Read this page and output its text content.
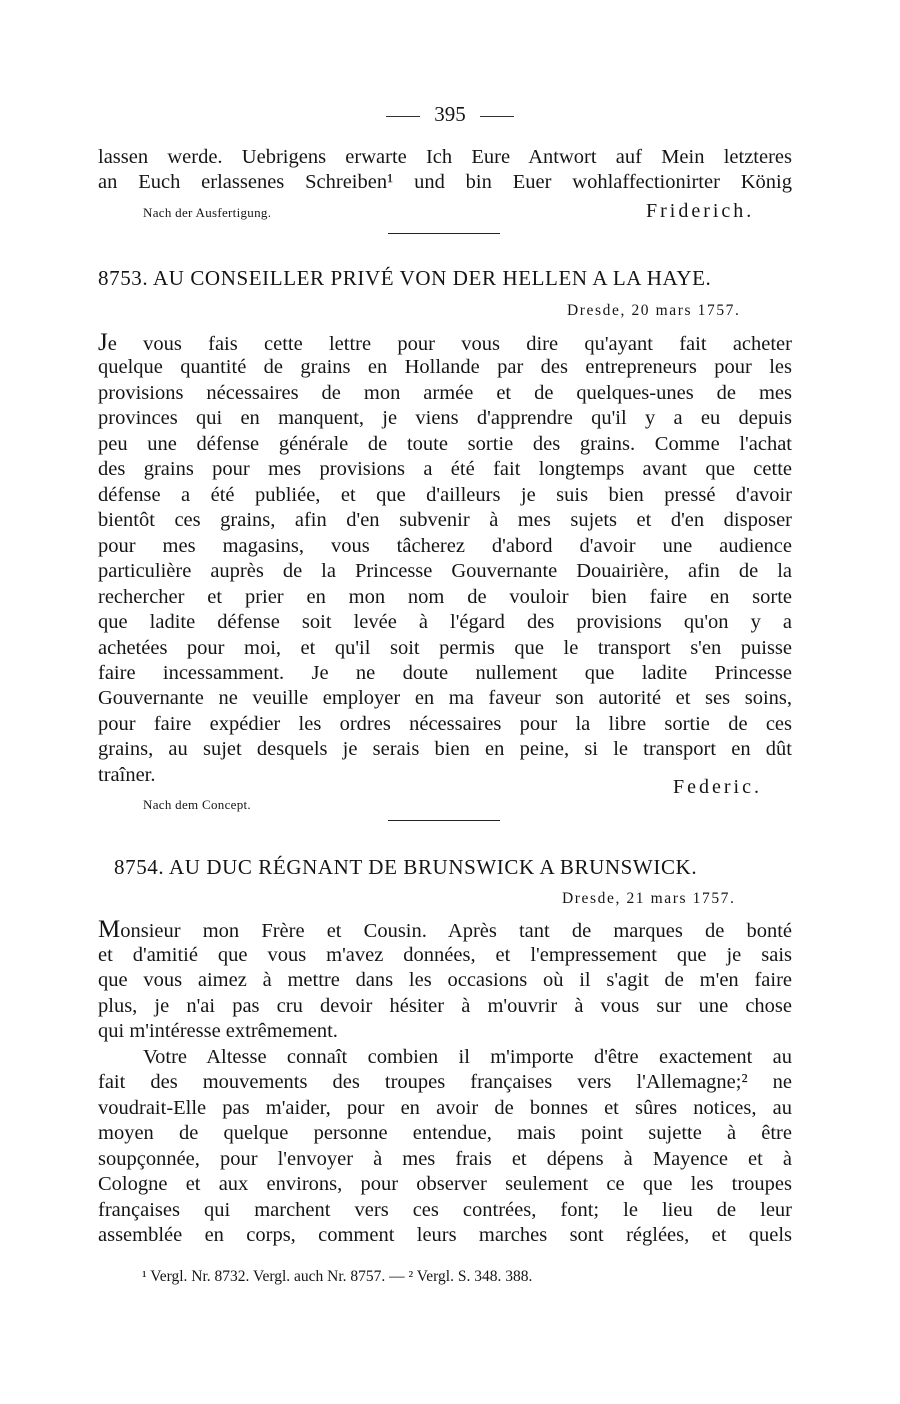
395
lassen werde. Uebrigens erwarte Ich Eure Antwort auf Mein letzteres
an Euch erlassenes Schreiben¹ und bin Euer wohlaffectionirter König
Nach der Ausfertigung.	Friderich.
8753. AU CONSEILLER PRIVÉ VON DER HELLEN A LA HAYE.
Dresde, 20 mars 1757.
Je vous fais cette lettre pour vous dire qu'ayant fait acheter
quelque quantité de grains en Hollande par des entrepreneurs pour les
provisions nécessaires de mon armée et de quelques-unes de mes
provinces qui en manquent, je viens d'apprendre qu'il y a eu depuis
peu une défense générale de toute sortie des grains. Comme l'achat
des grains pour mes provisions a été fait longtemps avant que cette
défense a été publiée, et que d'ailleurs je suis bien pressé d'avoir
bientôt ces grains, afin d'en subvenir à mes sujets et d'en disposer
pour mes magasins, vous tâcherez d'abord d'avoir une audience
particulière auprès de la Princesse Gouvernante Douairière, afin de la
rechercher et prier en mon nom de vouloir bien faire en sorte
que ladite défense soit levée à l'égard des provisions qu'on y a
achetées pour moi, et qu'il soit permis que le transport s'en puisse
faire incessamment. Je ne doute nullement que ladite Princesse
Gouvernante ne veuille employer en ma faveur son autorité et ses soins,
pour faire expédier les ordres nécessaires pour la libre sortie de ces
grains, au sujet desquels je serais bien en peine, si le transport en dût
traîner.
Federic.
Nach dem Concept.
8754. AU DUC RÉGNANT DE BRUNSWICK A BRUNSWICK.
Dresde, 21 mars 1757.
Monsieur mon Frère et Cousin. Après tant de marques de bonté
et d'amitié que vous m'avez données, et l'empressement que je sais
que vous aimez à mettre dans les occasions où il s'agit de m'en faire
plus, je n'ai pas cru devoir hésiter à m'ouvrir à vous sur une chose
qui m'intéresse extrêmement.
Votre Altesse connaît combien il m'importe d'être exactement au
fait des mouvements des troupes françaises vers l'Allemagne;² ne
voudrait-Elle pas m'aider, pour en avoir de bonnes et sûres notices, au
moyen de quelque personne entendue, mais point sujette à être
soupçonnée, pour l'envoyer à mes frais et dépens à Mayence et à
Cologne et aux environs, pour observer seulement ce que les troupes
françaises qui marchent vers ces contrées, font; le lieu de leur
assemblée en corps, comment leurs marches sont réglées, et quels
¹ Vergl. Nr. 8732. Vergl. auch Nr. 8757. — ² Vergl. S. 348. 388.
